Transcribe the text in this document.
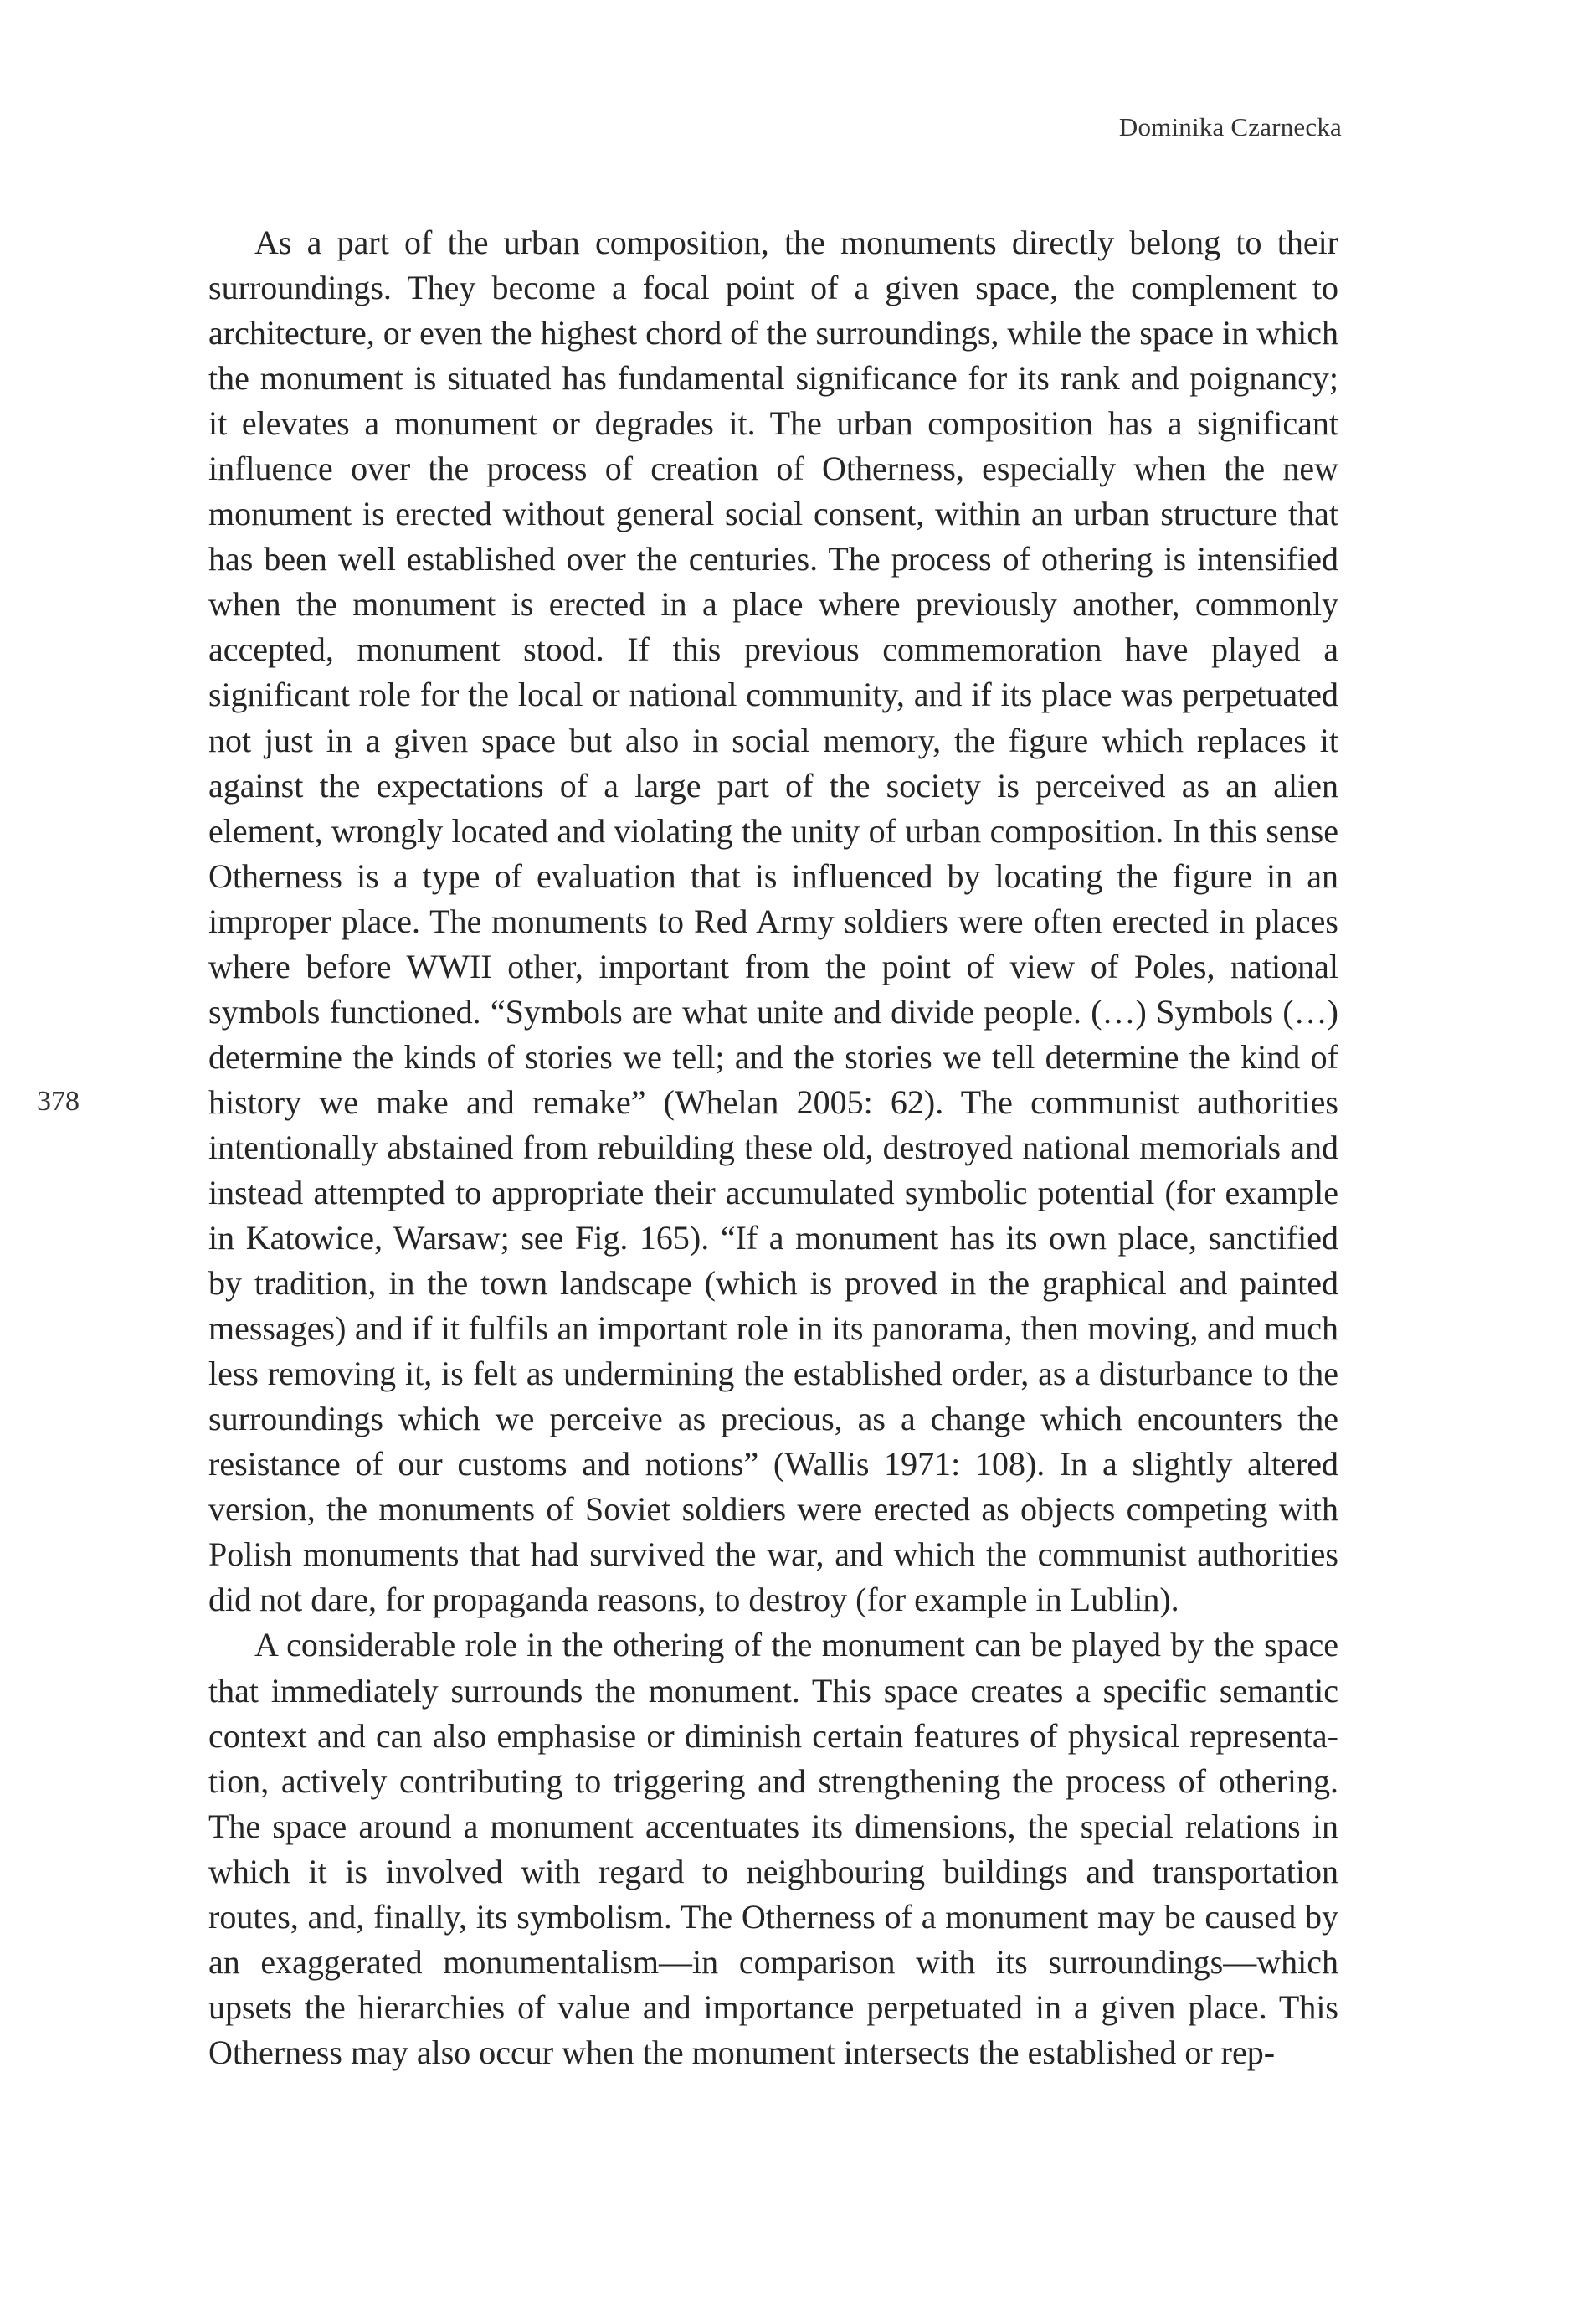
Dominika Czarnecka
378

As a part of the urban composition, the monuments directly belong to their surroundings. They become a focal point of a given space, the complement to architecture, or even the highest chord of the surroundings, while the space in which the monument is situated has fundamental significance for its rank and poignancy; it elevates a monument or degrades it. The urban composition has a significant influence over the process of creation of Otherness, especially when the new monument is erected without general social consent, within an urban structure that has been well established over the centuries. The process of othering is intensified when the monument is erected in a place where previously another, commonly accepted, monument stood. If this previous commemoration have played a significant role for the local or national community, and if its place was perpetuated not just in a given space but also in social memory, the figure which replaces it against the expectations of a large part of the society is perceived as an alien element, wrongly located and violating the unity of urban composition. In this sense Otherness is a type of evaluation that is influenced by locating the figure in an improper place. The monuments to Red Army soldiers were often erected in places where before WWII other, important from the point of view of Poles, national symbols functioned. “Symbols are what unite and divide people. (…) Symbols (…) determine the kinds of stories we tell; and the stories we tell determine the kind of history we make and remake” (Whelan 2005: 62). The communist authorities intentionally abstained from rebuilding these old, destroyed national memorials and instead attempted to appropriate their accumulated symbolic potential (for example in Katowice, Warsaw; see Fig. 165). “If a monument has its own place, sanctified by tradition, in the town landscape (which is proved in the graphical and painted messages) and if it fulfils an important role in its panorama, then moving, and much less removing it, is felt as undermining the established order, as a disturbance to the surroundings which we perceive as precious, as a change which encounters the resistance of our customs and notions” (Wallis 1971: 108). In a slightly altered version, the monuments of Soviet soldiers were erected as objects competing with Polish monuments that had survived the war, and which the communist authorities did not dare, for propaganda reasons, to destroy (for example in Lublin).

A considerable role in the othering of the monument can be played by the space that immediately surrounds the monument. This space creates a specific semantic context and can also emphasise or diminish certain features of physical representation, actively contributing to triggering and strengthening the process of othering. The space around a monument accentuates its dimensions, the special relations in which it is involved with regard to neighbouring buildings and transportation routes, and, finally, its symbolism. The Otherness of a monument may be caused by an exaggerated monumentalism—in comparison with its surroundings—which upsets the hierarchies of value and importance perpetuated in a given place. This Otherness may also occur when the monument intersects the established or rep-
